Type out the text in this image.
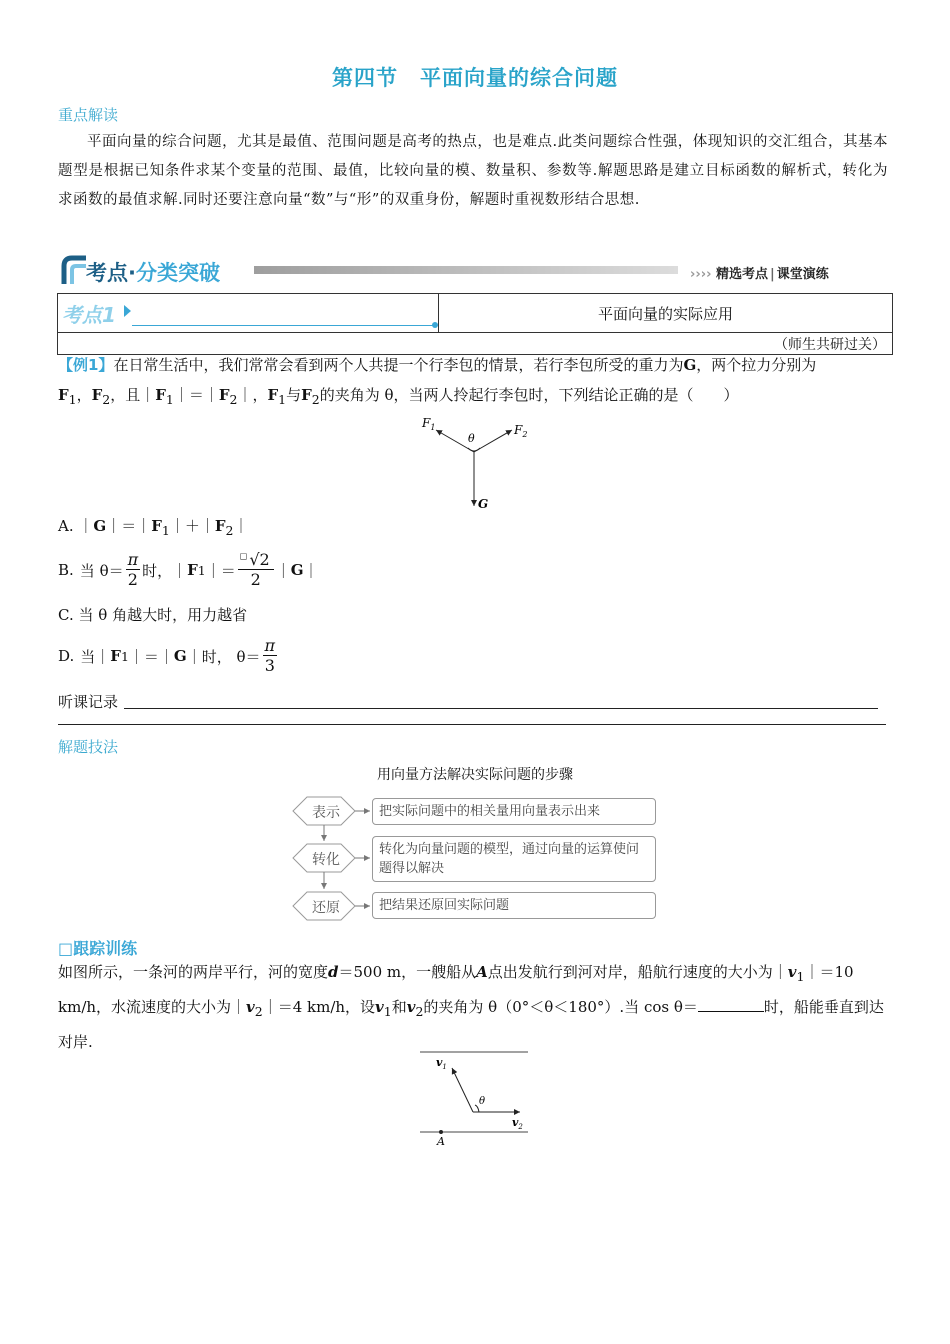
第四节　平面向量的综合问题
重点解读
平面向量的综合问题，尤其是最值、范围问题是高考的热点，也是难点.此类问题综合性强，体现知识的交汇组合，其基本题型是根据已知条件求某个变量的范围、最值，比较向量的模、数量积、参数等.解题思路是建立目标函数的解析式，转化为求函数的最值求解.同时还要注意向量“数”与“形”的双重身份，解题时重视数形结合思想.
考点·分类突破	›››› 精选考点 | 课堂演练
考点1	平面向量的实际应用
（师生共研过关）
【例1】在日常生活中，我们常常会看到两个人共提一个行李包的情景，若行李包所受的重力为G，两个拉力分别为
$F_1$，$F_2$，且$|F_1|=|F_2|$，$F_1$与$F_2$的夹角为 θ，当两人拎起行李包时，下列结论正确的是（　　）
$F_1$	$F_2$
θ
G
A. $|G|=|F_1|+|F_2|$
B. 当 $\theta= \frac{\pi}{2}$ 时，｜ F 1 ｜＝ $\frac{^□ √2}{2}$ ｜ G ｜
C. 当 θ 角越大时，用力越省
D. 当｜ F 1 ｜＝｜ G ｜时， $\theta= \frac{\pi}{3}$
听课记录
解题技法
用向量方法解决实际问题的步骤
表示
转化
还原
把实际问题中的相关量用向量表示出来
转化为向量问题的模型，通过向量的运算使问题得以解决
把结果还原回实际问题
□跟踪训练
如图所示，一条河的两岸平行，河的宽度d＝500 m，一艘船从A点出发航行到河对岸，船航行速度的大小为$|v_1|=10$ km/h，水流速度的大小为$|v_2|=4$ km/h，设$v_1$和$v_2$的夹角为 θ（0°＜θ＜180°）.当 cos θ＝	时，船能垂直到达对岸.
$v_1$
θ
$v_2$
A
